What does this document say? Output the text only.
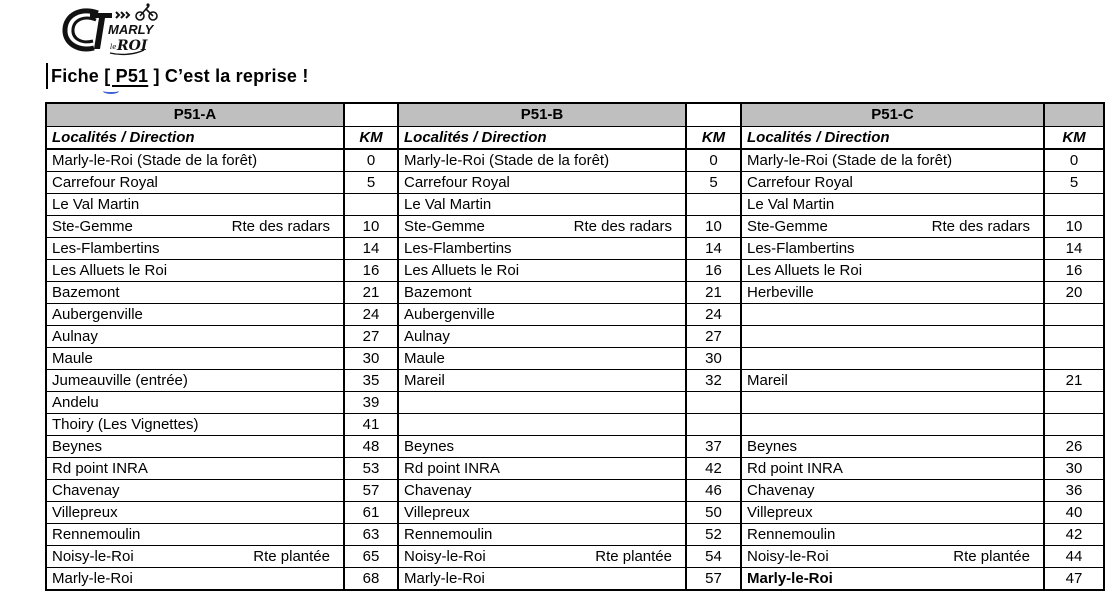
MARLY
le ROI
Fiche [ P51 ] C’est la reprise !
P51-A		P51-B		P51-C	
Localités / Direction	KM	Localités / Direction	KM	Localités / Direction	KM

Marly-le-Roi (Stade de la forêt)	0	Marly-le-Roi (Stade de la forêt)	0	Marly-le-Roi (Stade de la forêt)	0

Carrefour Royal	5	Carrefour Royal	5	Carrefour Royal	5

Le Val Martin		Le Val Martin		Le Val Martin	

Ste-Gemme Rte des radars	10	Ste-Gemme Rte des radars	10	Ste-Gemme Rte des radars	10

Les-Flambertins	14	Les-Flambertins	14	Les-Flambertins	14

Les Alluets le Roi	16	Les Alluets le Roi	16	Les Alluets le Roi	16

Bazemont	21	Bazemont	21	Herbeville	20

Aubergenville	24	Aubergenville	24	

Aulnay	27	Aulnay	27	

Maule	30	Maule	30	

Jumeauville (entrée)	35	Mareil	32	Mareil	21

Andelu	39	

Thoiry (Les Vignettes)	41	

Beynes	48	Beynes	37	Beynes	26

Rd point INRA	53	Rd point INRA	42	Rd point INRA	30

Chavenay	57	Chavenay	46	Chavenay	36

Villepreux	61	Villepreux	50	Villepreux	40

Rennemoulin	63	Rennemoulin	52	Rennemoulin	42

Noisy-le-Roi Rte plantée	65	Noisy-le-Roi Rte plantée	54	Noisy-le-Roi Rte plantée	44

Marly-le-Roi	68	Marly-le-Roi	57	Marly-le-Roi	47
